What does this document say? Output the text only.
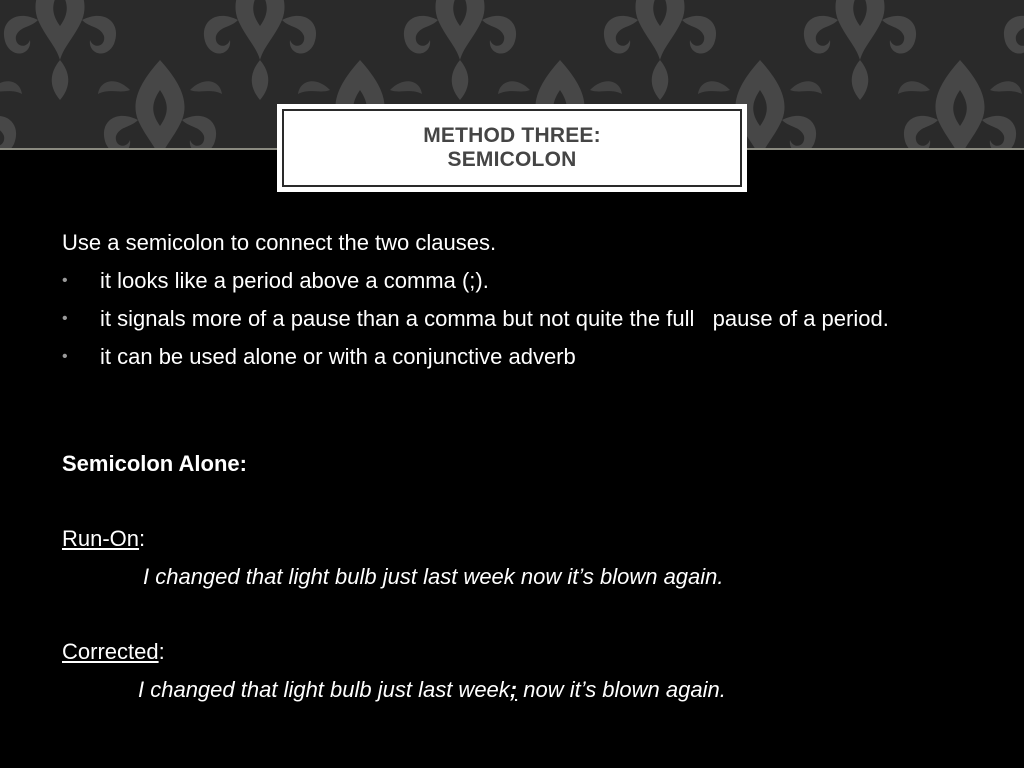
METHOD THREE:
SEMICOLON

Use a semicolon to connect the two clauses.

• it looks like a period above a comma (;).
• it signals more of a pause than a comma but not quite the full   pause of a period.
• it can be used alone or with a conjunctive adverb
Semicolon Alone:
Run-On:
I changed that light bulb just last week now it’s blown again.
Corrected:
I changed that light bulb just last week; now it’s blown again.
